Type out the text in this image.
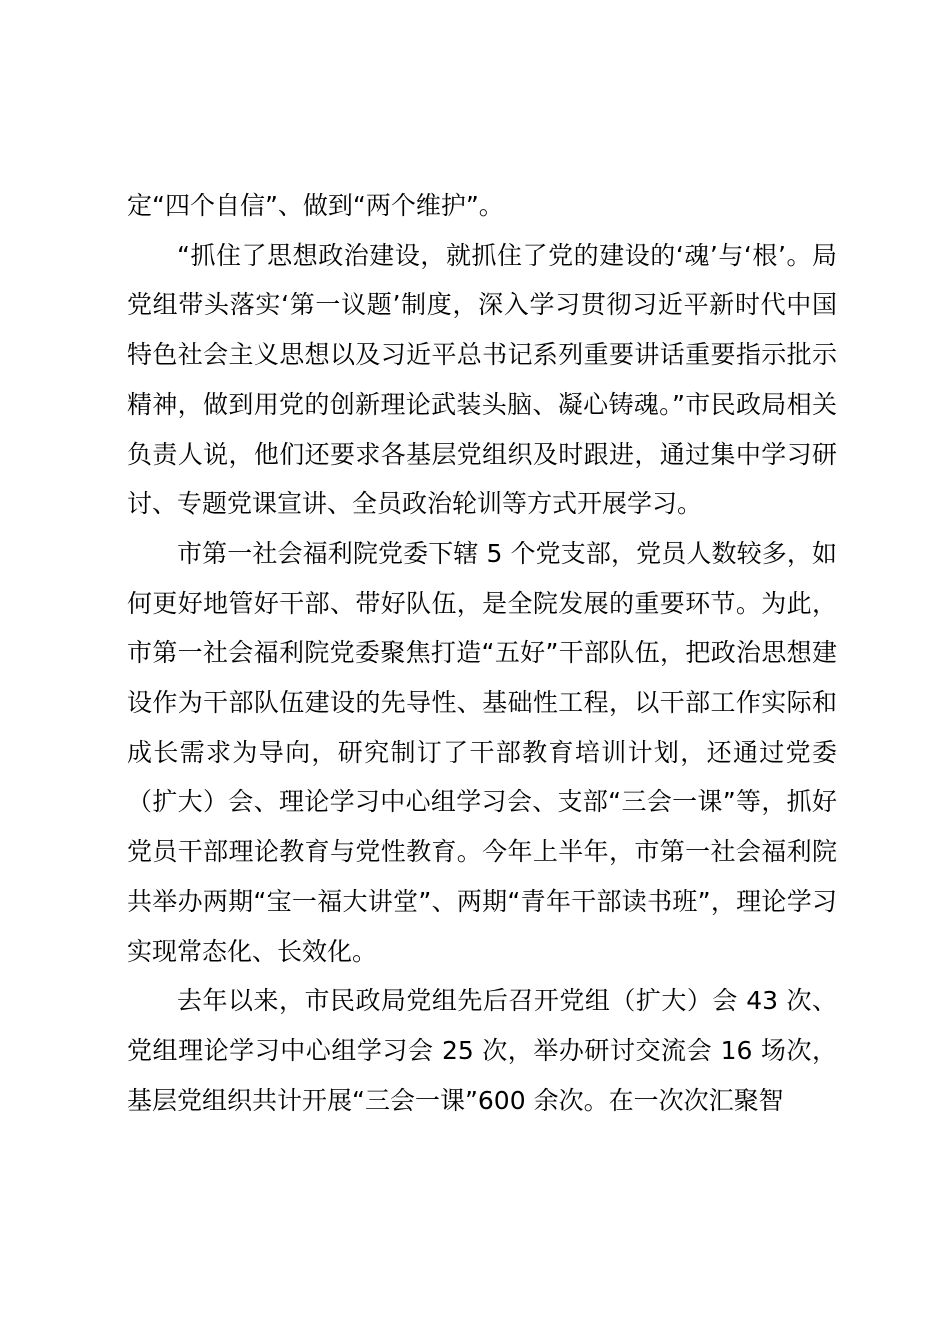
定“四个自信”、做到“两个维护”。

“抓住了思想政治建设，就抓住了党的建设的‘魂’与‘根’。局党组带头落实‘第一议题’制度，深入学习贯彻习近平新时代中国特色社会主义思想以及习近平总书记系列重要讲话重要指示批示精神，做到用党的创新理论武装头脑、凝心铸魂。”市民政局相关负责人说，他们还要求各基层党组织及时跟进，通过集中学习研讨、专题党课宣讲、全员政治轮训等方式开展学习。

市第一社会福利院党委下辖 5 个党支部，党员人数较多，如何更好地管好干部、带好队伍，是全院发展的重要环节。为此，市第一社会福利院党委聚焦打造“五好”干部队伍，把政治思想建设作为干部队伍建设的先导性、基础性工程，以干部工作实际和成长需求为导向，研究制订了干部教育培训计划，还通过党委（扩大）会、理论学习中心组学习会、支部“三会一课”等，抓好党员干部理论教育与党性教育。今年上半年，市第一社会福利院共举办两期“宝一福大讲堂”、两期“青年干部读书班”，理论学习实现常态化、长效化。

去年以来，市民政局党组先后召开党组（扩大）会 43 次、党组理论学习中心组学习会 25 次，举办研讨交流会 16 场次，基层党组织共计开展“三会一课”600 余次。在一次次汇聚智
